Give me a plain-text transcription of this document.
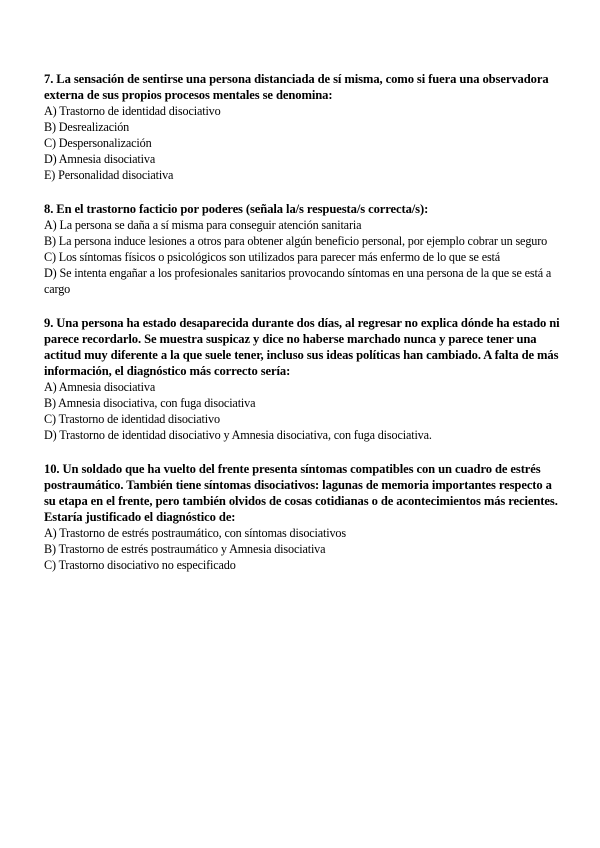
7. La sensación de sentirse una persona distanciada de sí misma, como si fuera una observadora externa de sus propios procesos mentales se denomina:

A) Trastorno de identidad disociativo

B) Desrealización

C) Despersonalización

D) Amnesia disociativa

E) Personalidad disociativa

8. En el trastorno facticio por poderes (señala la/s respuesta/s correcta/s):

A) La persona se daña a sí misma para conseguir atención sanitaria

B) La persona induce lesiones a otros para obtener algún beneficio personal, por ejemplo cobrar un seguro

C) Los síntomas físicos o psicológicos son utilizados para parecer más enfermo de lo que se está

D) Se intenta engañar a los profesionales sanitarios provocando síntomas en una persona de la que se está a cargo

9. Una persona ha estado desaparecida durante dos días, al regresar no explica dónde ha estado ni parece recordarlo. Se muestra suspicaz y dice no haberse marchado nunca y parece tener una actitud muy diferente a la que suele tener, incluso sus ideas políticas han cambiado. A falta de más información, el diagnóstico más correcto sería:

A) Amnesia disociativa

B) Amnesia disociativa, con fuga disociativa

C) Trastorno de identidad disociativo

D) Trastorno de identidad disociativo y Amnesia disociativa, con fuga disociativa.

10. Un soldado que ha vuelto del frente presenta síntomas compatibles con un cuadro de estrés postraumático. También tiene síntomas disociativos: lagunas de memoria importantes respecto a su etapa en el frente, pero también olvidos de cosas cotidianas o de acontecimientos más recientes. Estaría justificado el diagnóstico de:

A) Trastorno de estrés postraumático, con síntomas disociativos

B) Trastorno de estrés postraumático y Amnesia disociativa

C) Trastorno disociativo no especificado
